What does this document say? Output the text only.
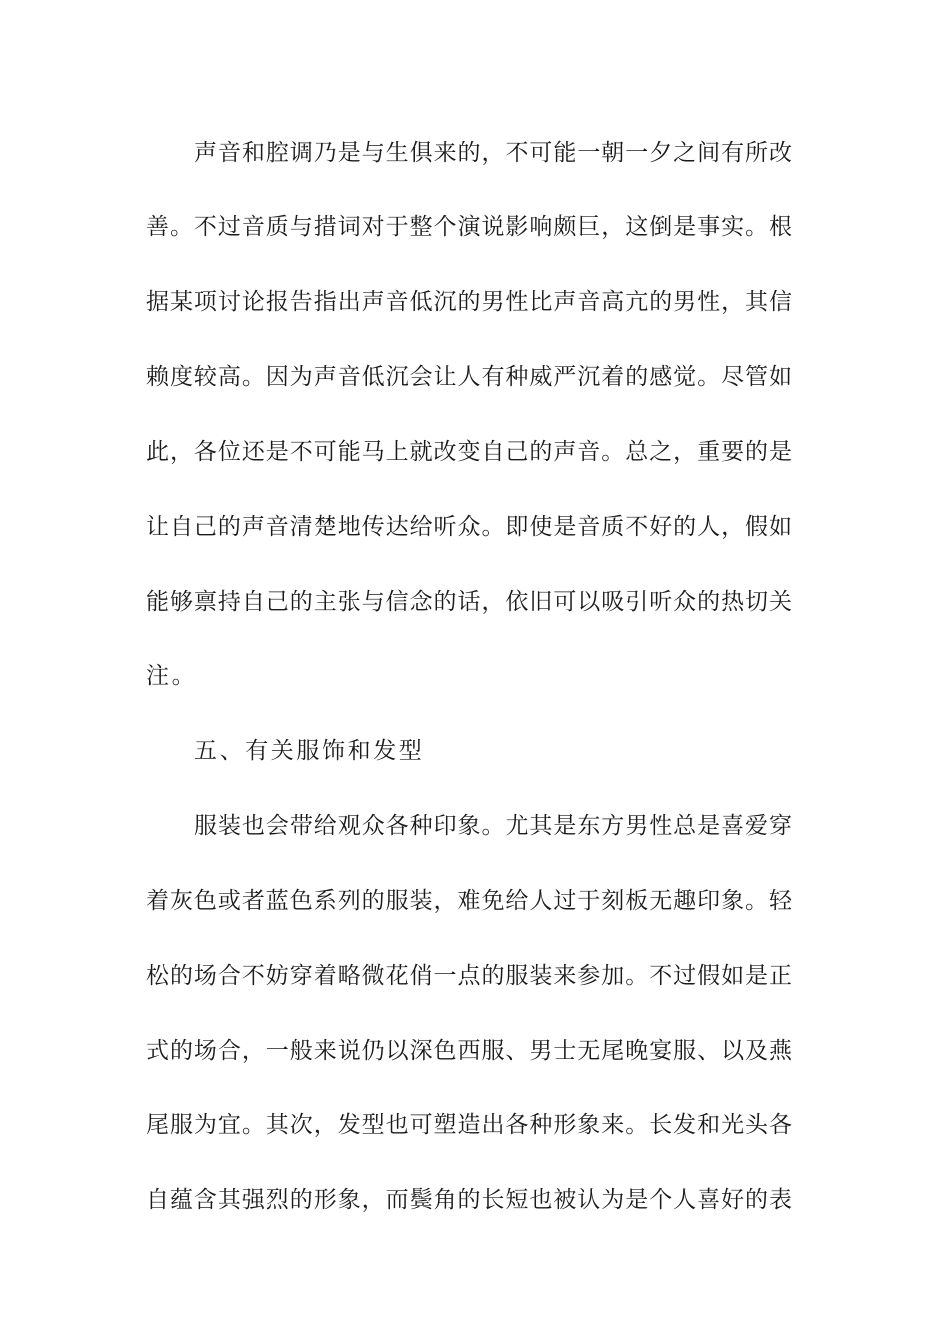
声音和腔调乃是与生俱来的，不可能一朝一夕之间有所改
善。不过音质与措词对于整个演说影响颇巨，这倒是事实。根
据某项讨论报告指出声音低沉的男性比声音高亢的男性，其信
赖度较高。因为声音低沉会让人有种威严沉着的感觉。尽管如
此，各位还是不可能马上就改变自己的声音。总之，重要的是
让自己的声音清楚地传达给听众。即使是音质不好的人，假如
能够禀持自己的主张与信念的话，依旧可以吸引听众的热切关
注。
五、有关服饰和发型
服装也会带给观众各种印象。尤其是东方男性总是喜爱穿
着灰色或者蓝色系列的服装，难免给人过于刻板无趣印象。轻
松的场合不妨穿着略微花俏一点的服装来参加。不过假如是正
式的场合，一般来说仍以深色西服、男士无尾晚宴服、以及燕
尾服为宜。其次，发型也可塑造出各种形象来。长发和光头各
自蕴含其强烈的形象，而鬓角的长短也被认为是个人喜好的表
